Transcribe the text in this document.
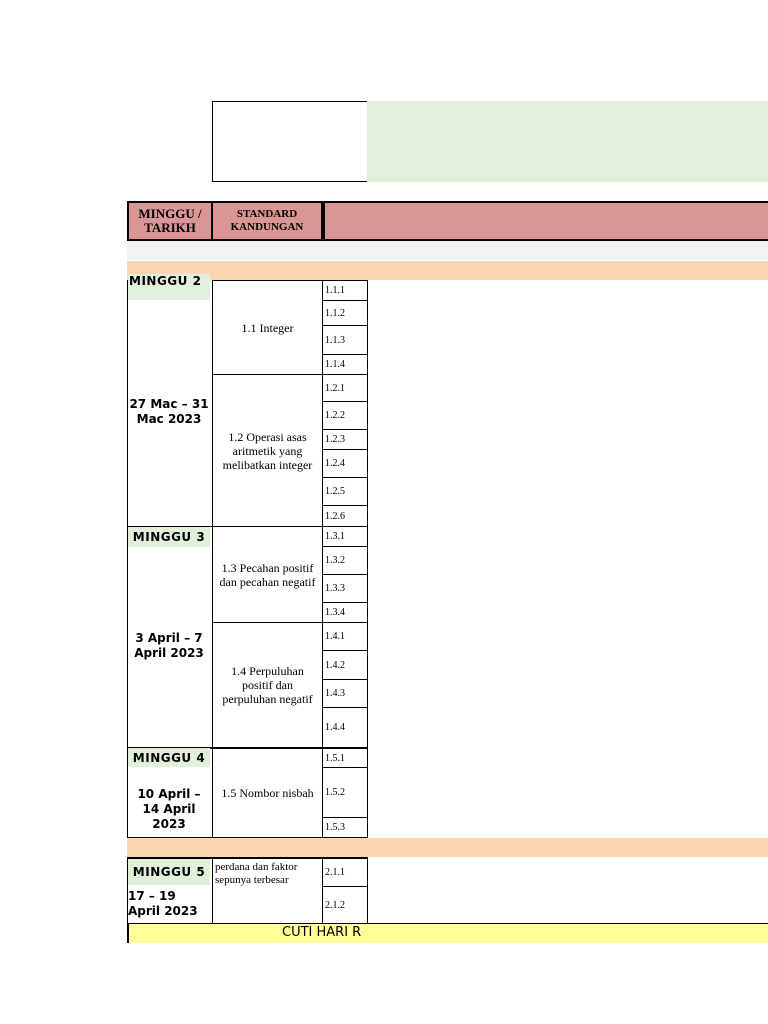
MINGGU / TARIKH
STANDARD KANDUNGAN
MINGGU 2
27 Mac – 31 Mac 2023
1.1 Integer
1.1.1
1.1.2
1.1.3
1.1.4
1.2 Operasi asas aritmetik yang melibatkan integer
1.2.1
1.2.2
1.2.3
1.2.4
1.2.5
1.2.6
MINGGU 3
3 April – 7 April 2023
1.3 Pecahan positif dan pecahan negatif
1.3.1
1.3.2
1.3.3
1.3.4
1.4 Perpuluhan positif dan perpuluhan negatif
1.4.1
1.4.2
1.4.3
1.4.4
MINGGU 4
10 April – 14 April 2023
1.5 Nombor nisbah
1.5.1
1.5.2
1.5.3
MINGGU 5
17 – 19 April 2023
perdana dan faktor sepunya terbesar
2.1.1
2.1.2
CUTI HARI R
